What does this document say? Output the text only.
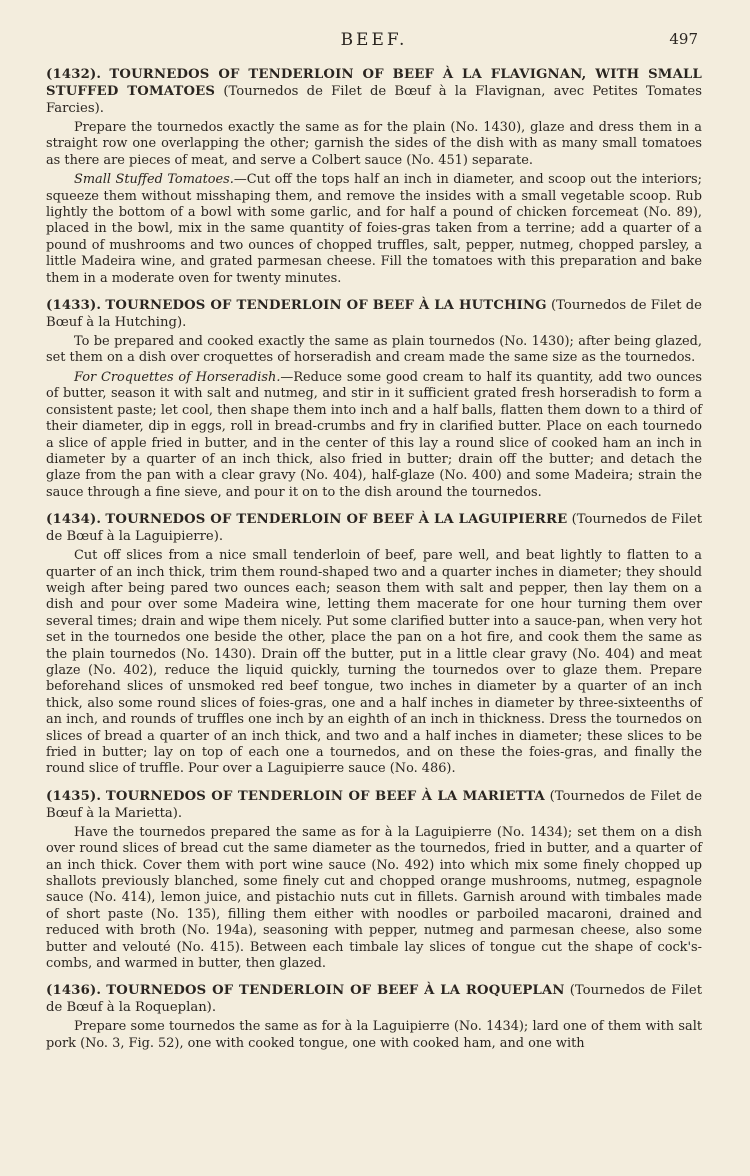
BEEF.	497
(1432). TOURNEDOS OF TENDERLOIN OF BEEF À LA FLAVIGNAN, WITH SMALL STUFFED TOMATOES (Tournedos de Filet de Bœuf à la Flavignan, avec Petites Tomates Farcies).

Prepare the tournedos exactly the same as for the plain (No. 1430), glaze and dress them in a straight row one overlapping the other; garnish the sides of the dish with as many small tomatoes as there are pieces of meat, and serve a Colbert sauce (No. 451) separate.

Small Stuffed Tomatoes.—Cut off the tops half an inch in diameter, and scoop out the interiors; squeeze them without misshaping them, and remove the insides with a small vegetable scoop. Rub lightly the bottom of a bowl with some garlic, and for half a pound of chicken forcemeat (No. 89), placed in the bowl, mix in the same quantity of foies-gras taken from a terrine; add a quarter of a pound of mushrooms and two ounces of chopped truffles, salt, pepper, nutmeg, chopped parsley, a little Madeira wine, and grated parmesan cheese. Fill the tomatoes with this preparation and bake them in a moderate oven for twenty minutes.

(1433). TOURNEDOS OF TENDERLOIN OF BEEF À LA HUTCHING (Tournedos de Filet de Bœuf à la Hutching).

To be prepared and cooked exactly the same as plain tournedos (No. 1430); after being glazed, set them on a dish over croquettes of horseradish and cream made the same size as the tournedos.

For Croquettes of Horseradish.—Reduce some good cream to half its quantity, add two ounces of butter, season it with salt and nutmeg, and stir in it sufficient grated fresh horseradish to form a consistent paste; let cool, then shape them into inch and a half balls, flatten them down to a third of their diameter, dip in eggs, roll in bread-crumbs and fry in clarified butter. Place on each tournedo a slice of apple fried in butter, and in the center of this lay a round slice of cooked ham an inch in diameter by a quarter of an inch thick, also fried in butter; drain off the butter; and detach the glaze from the pan with a clear gravy (No. 404), half-glaze (No. 400) and some Madeira; strain the sauce through a fine sieve, and pour it on to the dish around the tournedos.

(1434). TOURNEDOS OF TENDERLOIN OF BEEF À LA LAGUIPIERRE (Tournedos de Filet de Bœuf à la Laguipierre).

Cut off slices from a nice small tenderloin of beef, pare well, and beat lightly to flatten to a quarter of an inch thick, trim them round-shaped two and a quarter inches in diameter; they should weigh after being pared two ounces each; season them with salt and pepper, then lay them on a dish and pour over some Madeira wine, letting them macerate for one hour turning them over several times; drain and wipe them nicely. Put some clarified butter into a sauce-pan, when very hot set in the tournedos one beside the other, place the pan on a hot fire, and cook them the same as the plain tournedos (No. 1430). Drain off the butter, put in a little clear gravy (No. 404) and meat glaze (No. 402), reduce the liquid quickly, turning the tournedos over to glaze them. Prepare beforehand slices of unsmoked red beef tongue, two inches in diameter by a quarter of an inch thick, also some round slices of foies-gras, one and a half inches in diameter by three-sixteenths of an inch, and rounds of truffles one inch by an eighth of an inch in thickness. Dress the tournedos on slices of bread a quarter of an inch thick, and two and a half inches in diameter; these slices to be fried in butter; lay on top of each one a tournedos, and on these the foies-gras, and finally the round slice of truffle. Pour over a Laguipierre sauce (No. 486).

(1435). TOURNEDOS OF TENDERLOIN OF BEEF À LA MARIETTA (Tournedos de Filet de Bœuf à la Marietta).

Have the tournedos prepared the same as for à la Laguipierre (No. 1434); set them on a dish over round slices of bread cut the same diameter as the tournedos, fried in butter, and a quarter of an inch thick. Cover them with port wine sauce (No. 492) into which mix some finely chopped up shallots previously blanched, some finely cut and chopped orange mushrooms, nutmeg, espagnole sauce (No. 414), lemon juice, and pistachio nuts cut in fillets. Garnish around with timbales made of short paste (No. 135), filling them either with noodles or parboiled macaroni, drained and reduced with broth (No. 194a), seasoning with pepper, nutmeg and parmesan cheese, also some butter and velouté (No. 415). Between each timbale lay slices of tongue cut the shape of cock's-combs, and warmed in butter, then glazed.

(1436). TOURNEDOS OF TENDERLOIN OF BEEF À LA ROQUEPLAN (Tournedos de Filet de Bœuf à la Roqueplan).

Prepare some tournedos the same as for à la Laguipierre (No. 1434); lard one of them with salt pork (No. 3, Fig. 52), one with cooked tongue, one with cooked ham, and one with
